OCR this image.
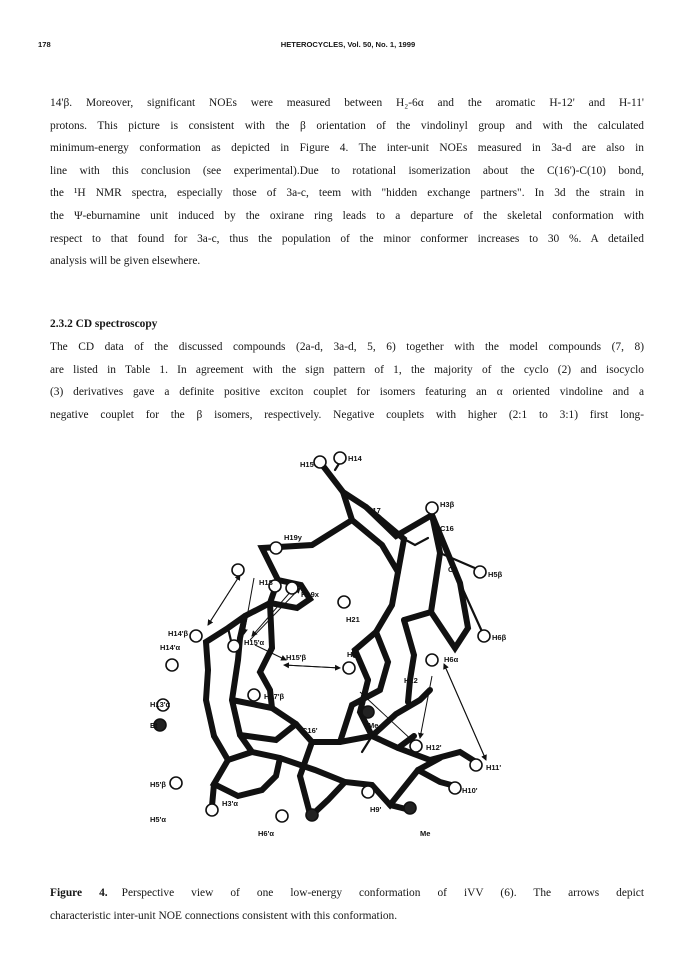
178	HETEROCYCLES, Vol. 50, No. 1, 1999
14'β. Moreover, significant NOEs were measured between H₂-6α and the aromatic H-12' and H-11'
protons. This picture is consistent with the β orientation of the vindolinyl group and with the calculated
minimum-energy conformation as depicted in Figure 4. The inter-unit NOEs measured in 3a-d are also in
line with this conclusion (see experimental).Due to rotational isomerization about the C(16')-C(10) bond,
the ¹H NMR spectra, especially those of 3a-c, teem with "hidden exchange partners". In 3d the strain in
the Ψ-eburnamine unit induced by the oxirane ring leads to a departure of the skeletal conformation with
respect to that found for 3a-c, thus the population of the minor conformer increases to 30 %. A detailed
analysis will be given elsewhere.
2.3.2 CD spectroscopy
The CD data of the discussed compounds (2a-d, 3a-d, 5, 6) together with the model compounds (7, 8)
are listed in Table 1. In agreement with the sign pattern of 1, the majority of the cyclo (2) and isocyclo
(3) derivatives gave a definite positive exciton couplet for isomers featuring an α oriented vindoline and a
negative couplet for the β isomers, respectively. Negative couplets with higher (2:1 to 3:1) first long-
H15
H14
H3β
C17
C16
H19y
C2
H5β
H18
H19x
H21
H14'β
H15'α
H6β
H14'α
H15'β	H9
H6α
H12
H13'α
H17'β
Et
C16'
Me
H12'
H11'
H5'β
H10'
H3'α
H9'
H5'α
H6'α	Me
Figure 4. Perspective view of one low-energy conformation of iVV (6). The arrows depict
characteristic inter-unit NOE connections consistent with this conformation.
